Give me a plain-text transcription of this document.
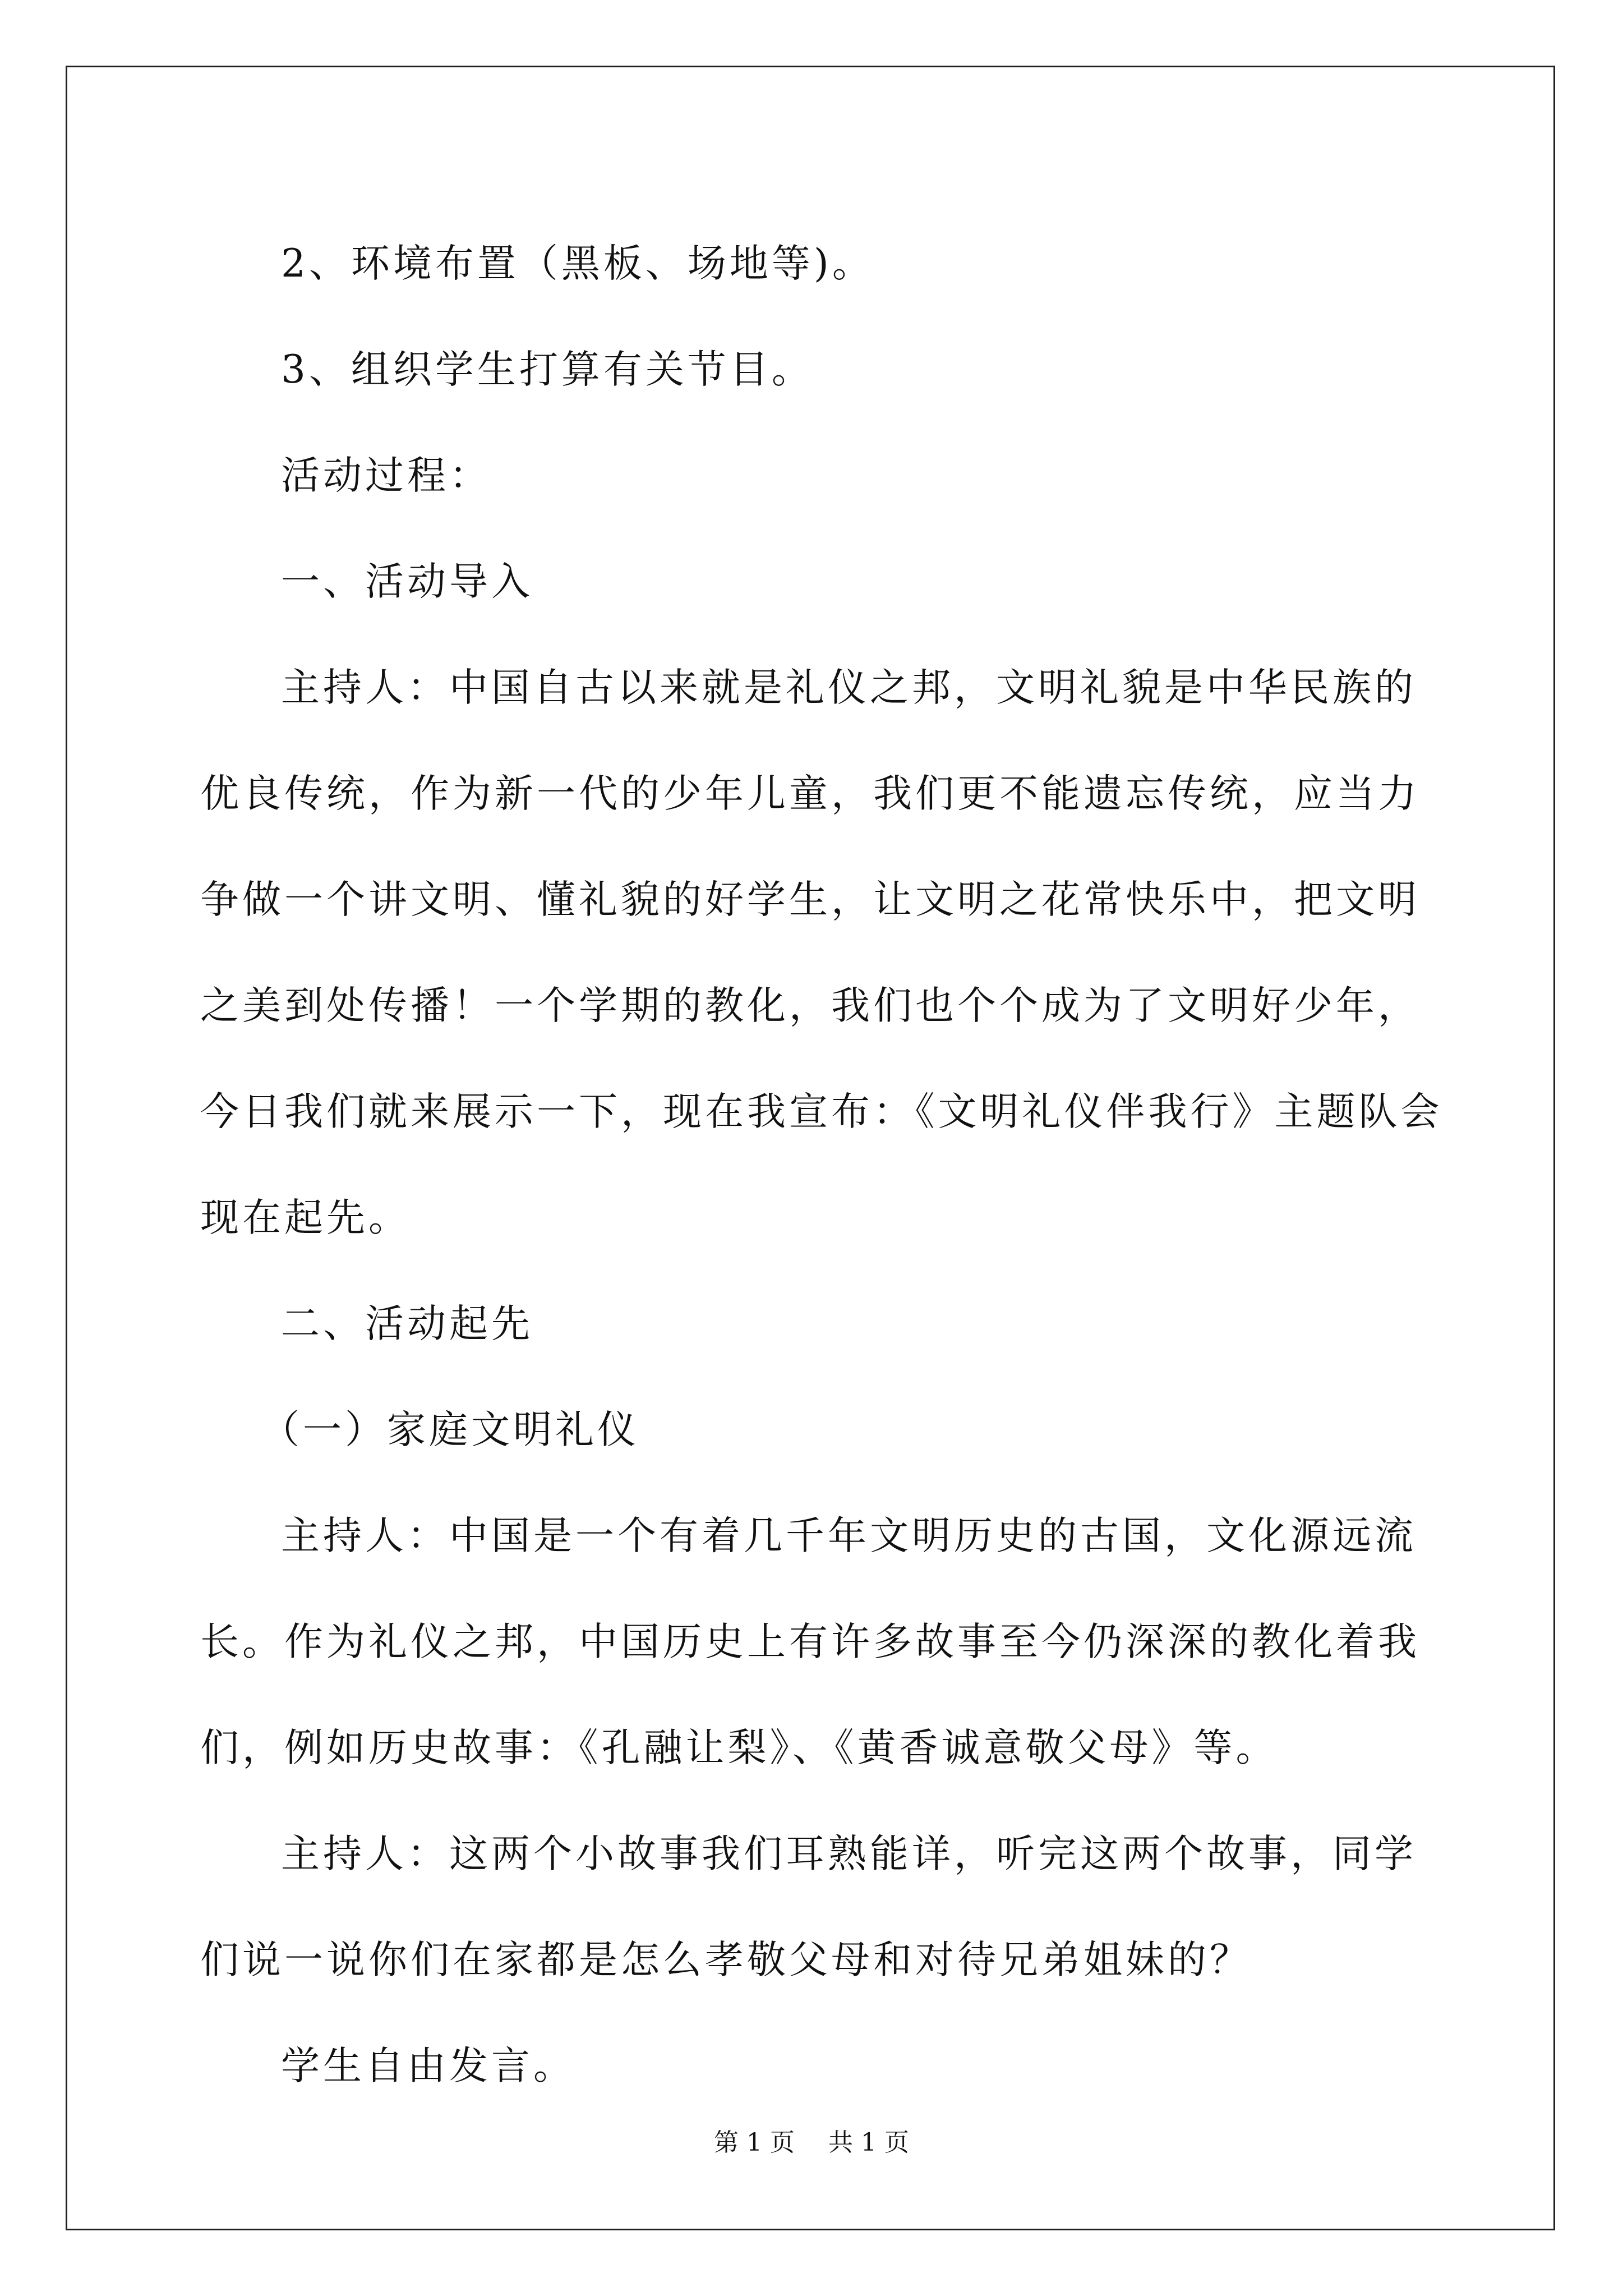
2、环境布置（黑板、场地等)。

3、组织学生打算有关节目。

活动过程：

一、活动导入

主持人：中国自古以来就是礼仪之邦，文明礼貌是中华民族的优良传统，作为新一代的少年儿童，我们更不能遗忘传统，应当力争做一个讲文明、懂礼貌的好学生，让文明之花常快乐中，把文明之美到处传播！一个学期的教化，我们也个个成为了文明好少年，今日我们就来展示一下，现在我宣布：《文明礼仪伴我行》主题队会现在起先。

二、活动起先

（一）家庭文明礼仪

主持人：中国是一个有着几千年文明历史的古国，文化源远流长。作为礼仪之邦，中国历史上有许多故事至今仍深深的教化着我们，例如历史故事：《孔融让梨》、《黄香诚意敬父母》等。

主持人：这两个小故事我们耳熟能详，听完这两个故事，同学们说一说你们在家都是怎么孝敬父母和对待兄弟姐妹的？

学生自由发言。

第 1 页 共 1 页
